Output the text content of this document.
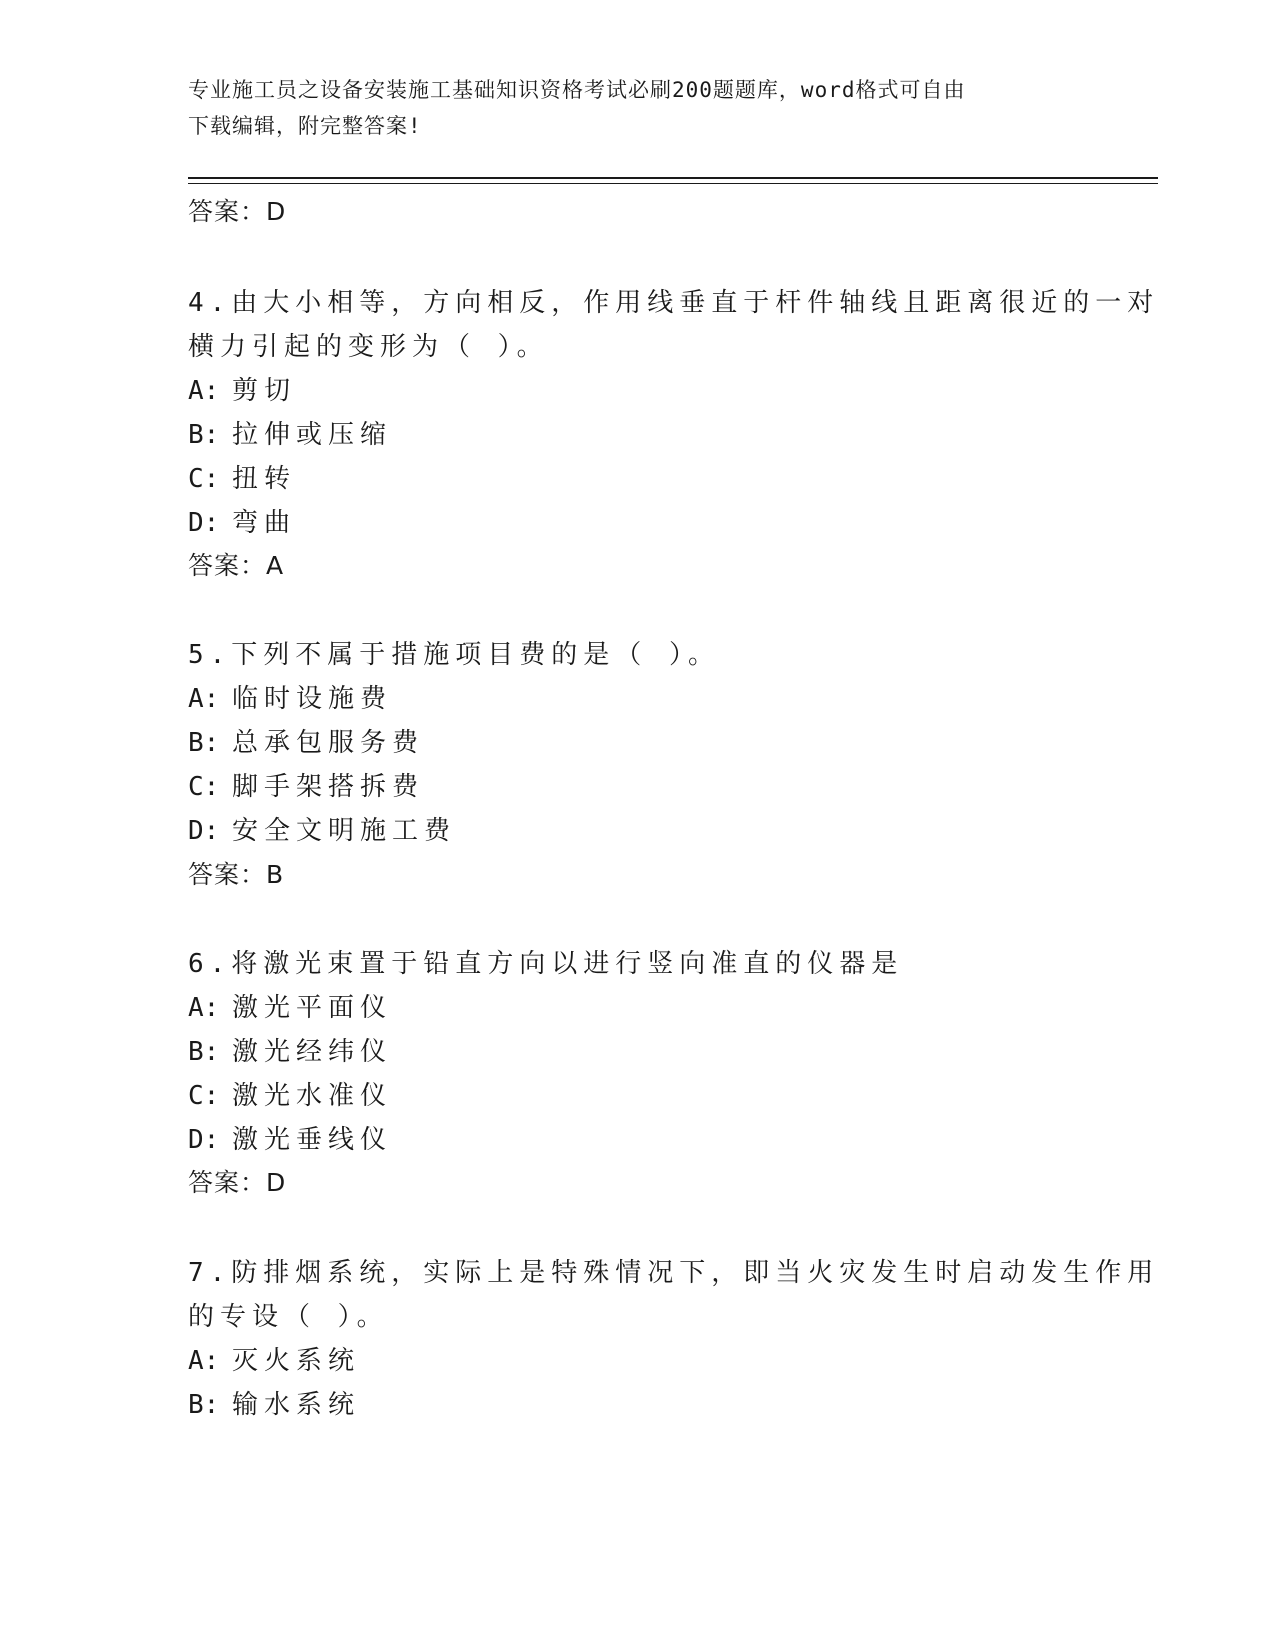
专业施工员之设备安装施工基础知识资格考试必刷200题题库，word格式可自由
下载编辑，附完整答案!
答案：D
4.由大小相等，方向相反，作用线垂直于杆件轴线且距离很近的一对
横力引起的变形为（ ）。
A: 剪切
B: 拉伸或压缩
C: 扭转
D: 弯曲
答案：A
5.下列不属于措施项目费的是（ ）。
A: 临时设施费
B: 总承包服务费
C: 脚手架搭拆费
D: 安全文明施工费
答案：B
6.将激光束置于铅直方向以进行竖向准直的仪器是
A: 激光平面仪
B: 激光经纬仪
C: 激光水准仪
D: 激光垂线仪
答案：D
7.防排烟系统，实际上是特殊情况下，即当火灾发生时启动发生作用
的专设（ ）。
A: 灭火系统
B: 输水系统
